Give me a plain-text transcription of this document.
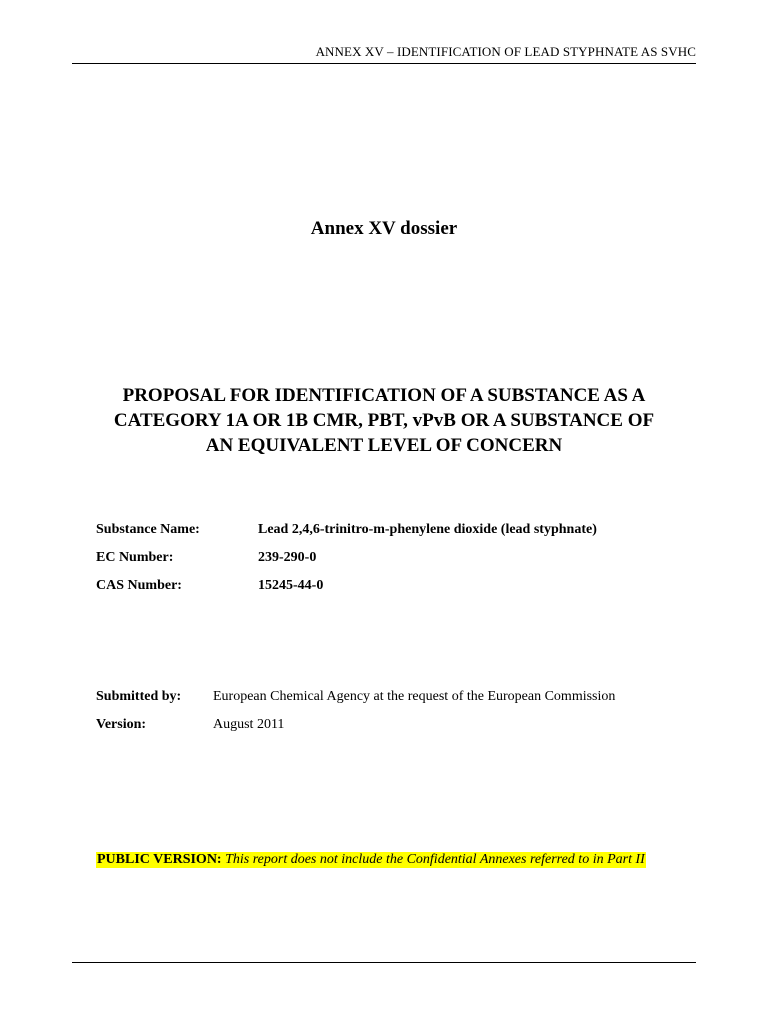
ANNEX XV – IDENTIFICATION OF LEAD STYPHNATE AS SVHC
Annex XV dossier
PROPOSAL FOR IDENTIFICATION OF A SUBSTANCE AS A
CATEGORY 1A OR 1B CMR, PBT, vPvB OR A SUBSTANCE OF
AN EQUIVALENT LEVEL OF CONCERN
Substance Name:	Lead 2,4,6-trinitro-m-phenylene dioxide (lead styphnate)
EC Number:	239-290-0
CAS Number:	15245-44-0
Submitted by:	European Chemical Agency at the request of the European Commission
Version:	August 2011
PUBLIC VERSION: This report does not include the Confidential Annexes referred to in Part II
